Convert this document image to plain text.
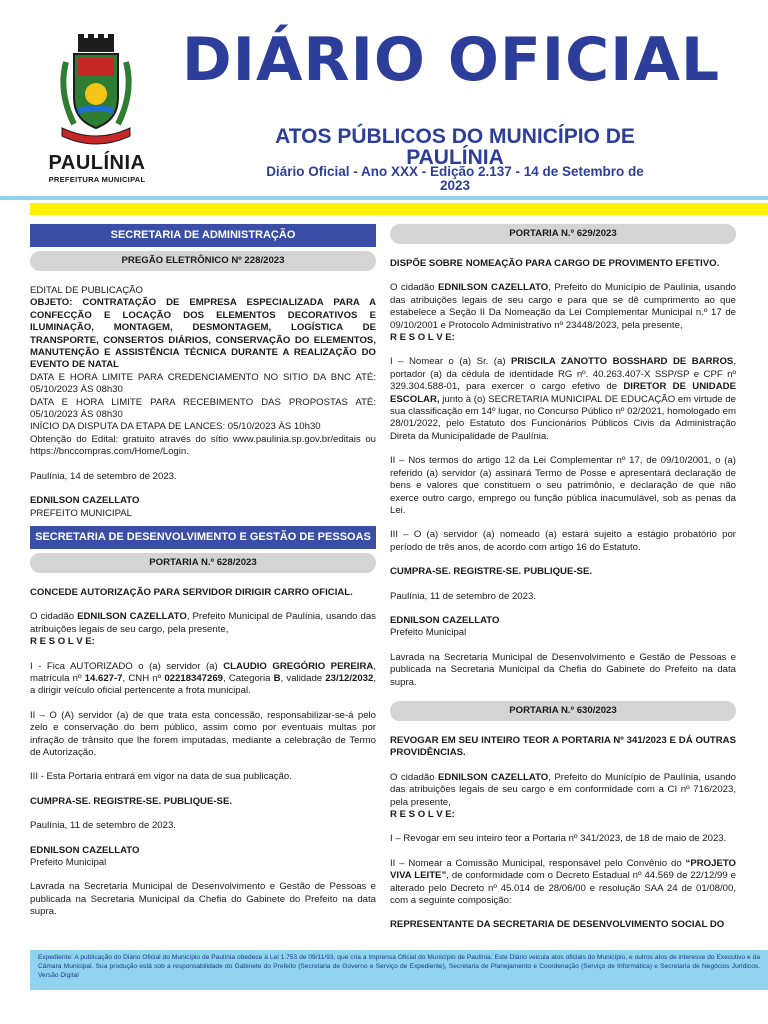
PAULÍNIA
PREFEITURA MUNICIPAL
DIÁRIO OFICIAL
ATOS PÚBLICOS DO MUNICÍPIO DE PAULÍNIA
Diário Oficial - Ano XXX - Edição 2.137 - 14 de Setembro de 2023
SECRETARIA DE ADMINISTRAÇÃO
PREGÃO ELETRÔNICO Nº 228/2023

EDITAL DE PUBLICAÇÃO

OBJETO: CONTRATAÇÃO DE EMPRESA ESPECIALIZADA PARA A CONFECÇÃO E LOCAÇÃO DOS ELEMENTOS DECORATIVOS E ILUMINAÇÃO, MONTAGEM, DESMONTAGEM, LOGÍSTICA DE TRANSPORTE, CONSERTOS DIÁRIOS, CONSERVAÇÃO DO ELEMENTOS, MANUTENÇÃO E ASSISTÊNCIA TÉCNICA DURANTE A REALIZAÇÃO DO EVENTO DE NATAL

DATA E HORA LIMITE PARA CREDENCIAMENTO NO SITIO DA BNC ATÉ: 05/10/2023 ÀS 08h30

DATA E HORA LIMITE PARA RECEBIMENTO DAS PROPOSTAS ATÉ: 05/10/2023 ÀS 08h30

INÍCIO DA DISPUTA DA ETAPA DE LANCES: 05/10/2023 ÀS 10h30

Obtenção do Edital: gratuito através do sítio www.paulinia.sp.gov.br/editais ou https://bnccompras.com/Home/Login.

Paulínia, 14 de setembro de 2023.

EDNILSON CAZELLATO

PREFEITO MUNICIPAL

SECRETARIA DE DESENVOLVIMENTO E GESTÃO DE PESSOAS
PORTARIA N.º 628/2023

CONCEDE AUTORIZAÇÃO PARA SERVIDOR DIRIGIR CARRO OFICIAL.

O cidadão EDNILSON CAZELLATO, Prefeito Municipal de Paulínia, usando das atribuições legais de seu cargo, pela presente,

R E S O L V E:

I - Fica AUTORIZADO o (a) servidor (a) CLAUDIO GREGÓRIO PEREIRA, matrícula nº 14.627-7, CNH nº 02218347269, Categoria B, validade 23/12/2032, a dirigir veículo oficial pertencente a frota municipal.

II – O (A) servidor (a) de que trata esta concessão, responsabilizar-se-á pelo zelo e conservação do bem público, assim como por eventuais multas por infração de trânsito que lhe forem imputadas, mediante a celebração de Termo de Autorização.

III - Esta Portaria entrará em vigor na data de sua publicação.

CUMPRA-SE. REGISTRE-SE. PUBLIQUE-SE.

Paulínia, 11 de setembro de 2023.

EDNILSON CAZELLATO

Prefeito Municipal

Lavrada na Secretaria Municipal de Desenvolvimento e Gestão de Pessoas e publicada na Secretaria Municipal da Chefia do Gabinete do Prefeito na data supra.

PORTARIA N.º 629/2023

DISPÕE SOBRE NOMEAÇÃO PARA CARGO DE PROVIMENTO EFETIVO.

O cidadão EDNILSON CAZELLATO, Prefeito do Município de Paulínia, usando das atribuições legais de seu cargo e para que se dê cumprimento ao que estabelece a Seção II Da Nomeação da Lei Complementar Municipal n.º 17 de 09/10/2001 e Protocolo Administrativo nº 23448/2023, pela presente,

R E S O L V E:

I – Nomear o (a) Sr. (a) PRISCILA ZANOTTO BOSSHARD DE BARROS, portador (a) da cédula de identidade RG nº. 40.263.407-X SSP/SP e CPF nº 329.304.588-01, para exercer o cargo efetivo de DIRETOR DE UNIDADE ESCOLAR, junto à (o) SECRETARIA MUNICIPAL DE EDUCAÇÃO em virtude de sua classificação em 14º lugar, no Concurso Público nº 02/2021, homologado em 28/01/2022, pelo Estatuto dos Funcionários Públicos Civis da Administração Direta da Municipalidade de Paulínia.

II – Nos termos do artigo 12 da Lei Complementar nº 17, de 09/10/2001, o (a) referido (a) servidor (a) assinará Termo de Posse e apresentará declaração de bens e valores que constituem o seu patrimônio, e declaração de que não exerce outro cargo, emprego ou função pública inacumulável, sob as penas da Lei.

III – O (a) servidor (a) nomeado (a) estará sujeito a estágio probatório por período de três anos, de acordo com artigo 16 do Estatuto.

CUMPRA-SE. REGISTRE-SE. PUBLIQUE-SE.

Paulínia, 11 de setembro de 2023.

EDNILSON CAZELLATO

Prefeito Municipal

Lavrada na Secretaria Municipal de Desenvolvimento e Gestão de Pessoas e publicada na Secretaria Municipal da Chefia do Gabinete do Prefeito na data supra.

PORTARIA N.º 630/2023

REVOGAR EM SEU INTEIRO TEOR A PORTARIA Nº 341/2023 E DÁ OUTRAS PROVIDÊNCIAS.

O cidadão EDNILSON CAZELLATO, Prefeito do Município de Paulínia, usando das atribuições legais de seu cargo e em conformidade com a CI nº 716/2023, pela presente,

R E S O L V E:

I – Revogar em seu inteiro teor a Portaria nº 341/2023, de 18 de maio de 2023.

II – Nomear a Comissão Municipal, responsável pelo Convênio do “PROJETO VIVA LEITE”, de conformidade com o Decreto Estadual nº 44.569 de 22/12/99 e alterado pelo Decreto nº 45.014 de 28/06/00 e resolução SAA 24 de 01/08/00, com a seguinte composição:

REPRESENTANTE DA SECRETARIA DE DESENVOLVIMENTO SOCIAL DO

Expediente: A publicação do Diário Oficial do Município de Paulínia obedece à Lei 1.753 de 09/11/93, que cria a Imprensa Oficial do Município de Paulínia. Este Diário veicula atos oficiais do Município, e outros atos de interesse do Executivo e da Câmara Municipal. Sua produção está sob a responsabilidade do Gabinete do Prefeito (Secretaria de Governo e Serviço de Expediente), Secretaria de Planejamento e Coordenação (Serviço de Informática) e Secretaria de Negócios Jurídicos. Versão Digital
